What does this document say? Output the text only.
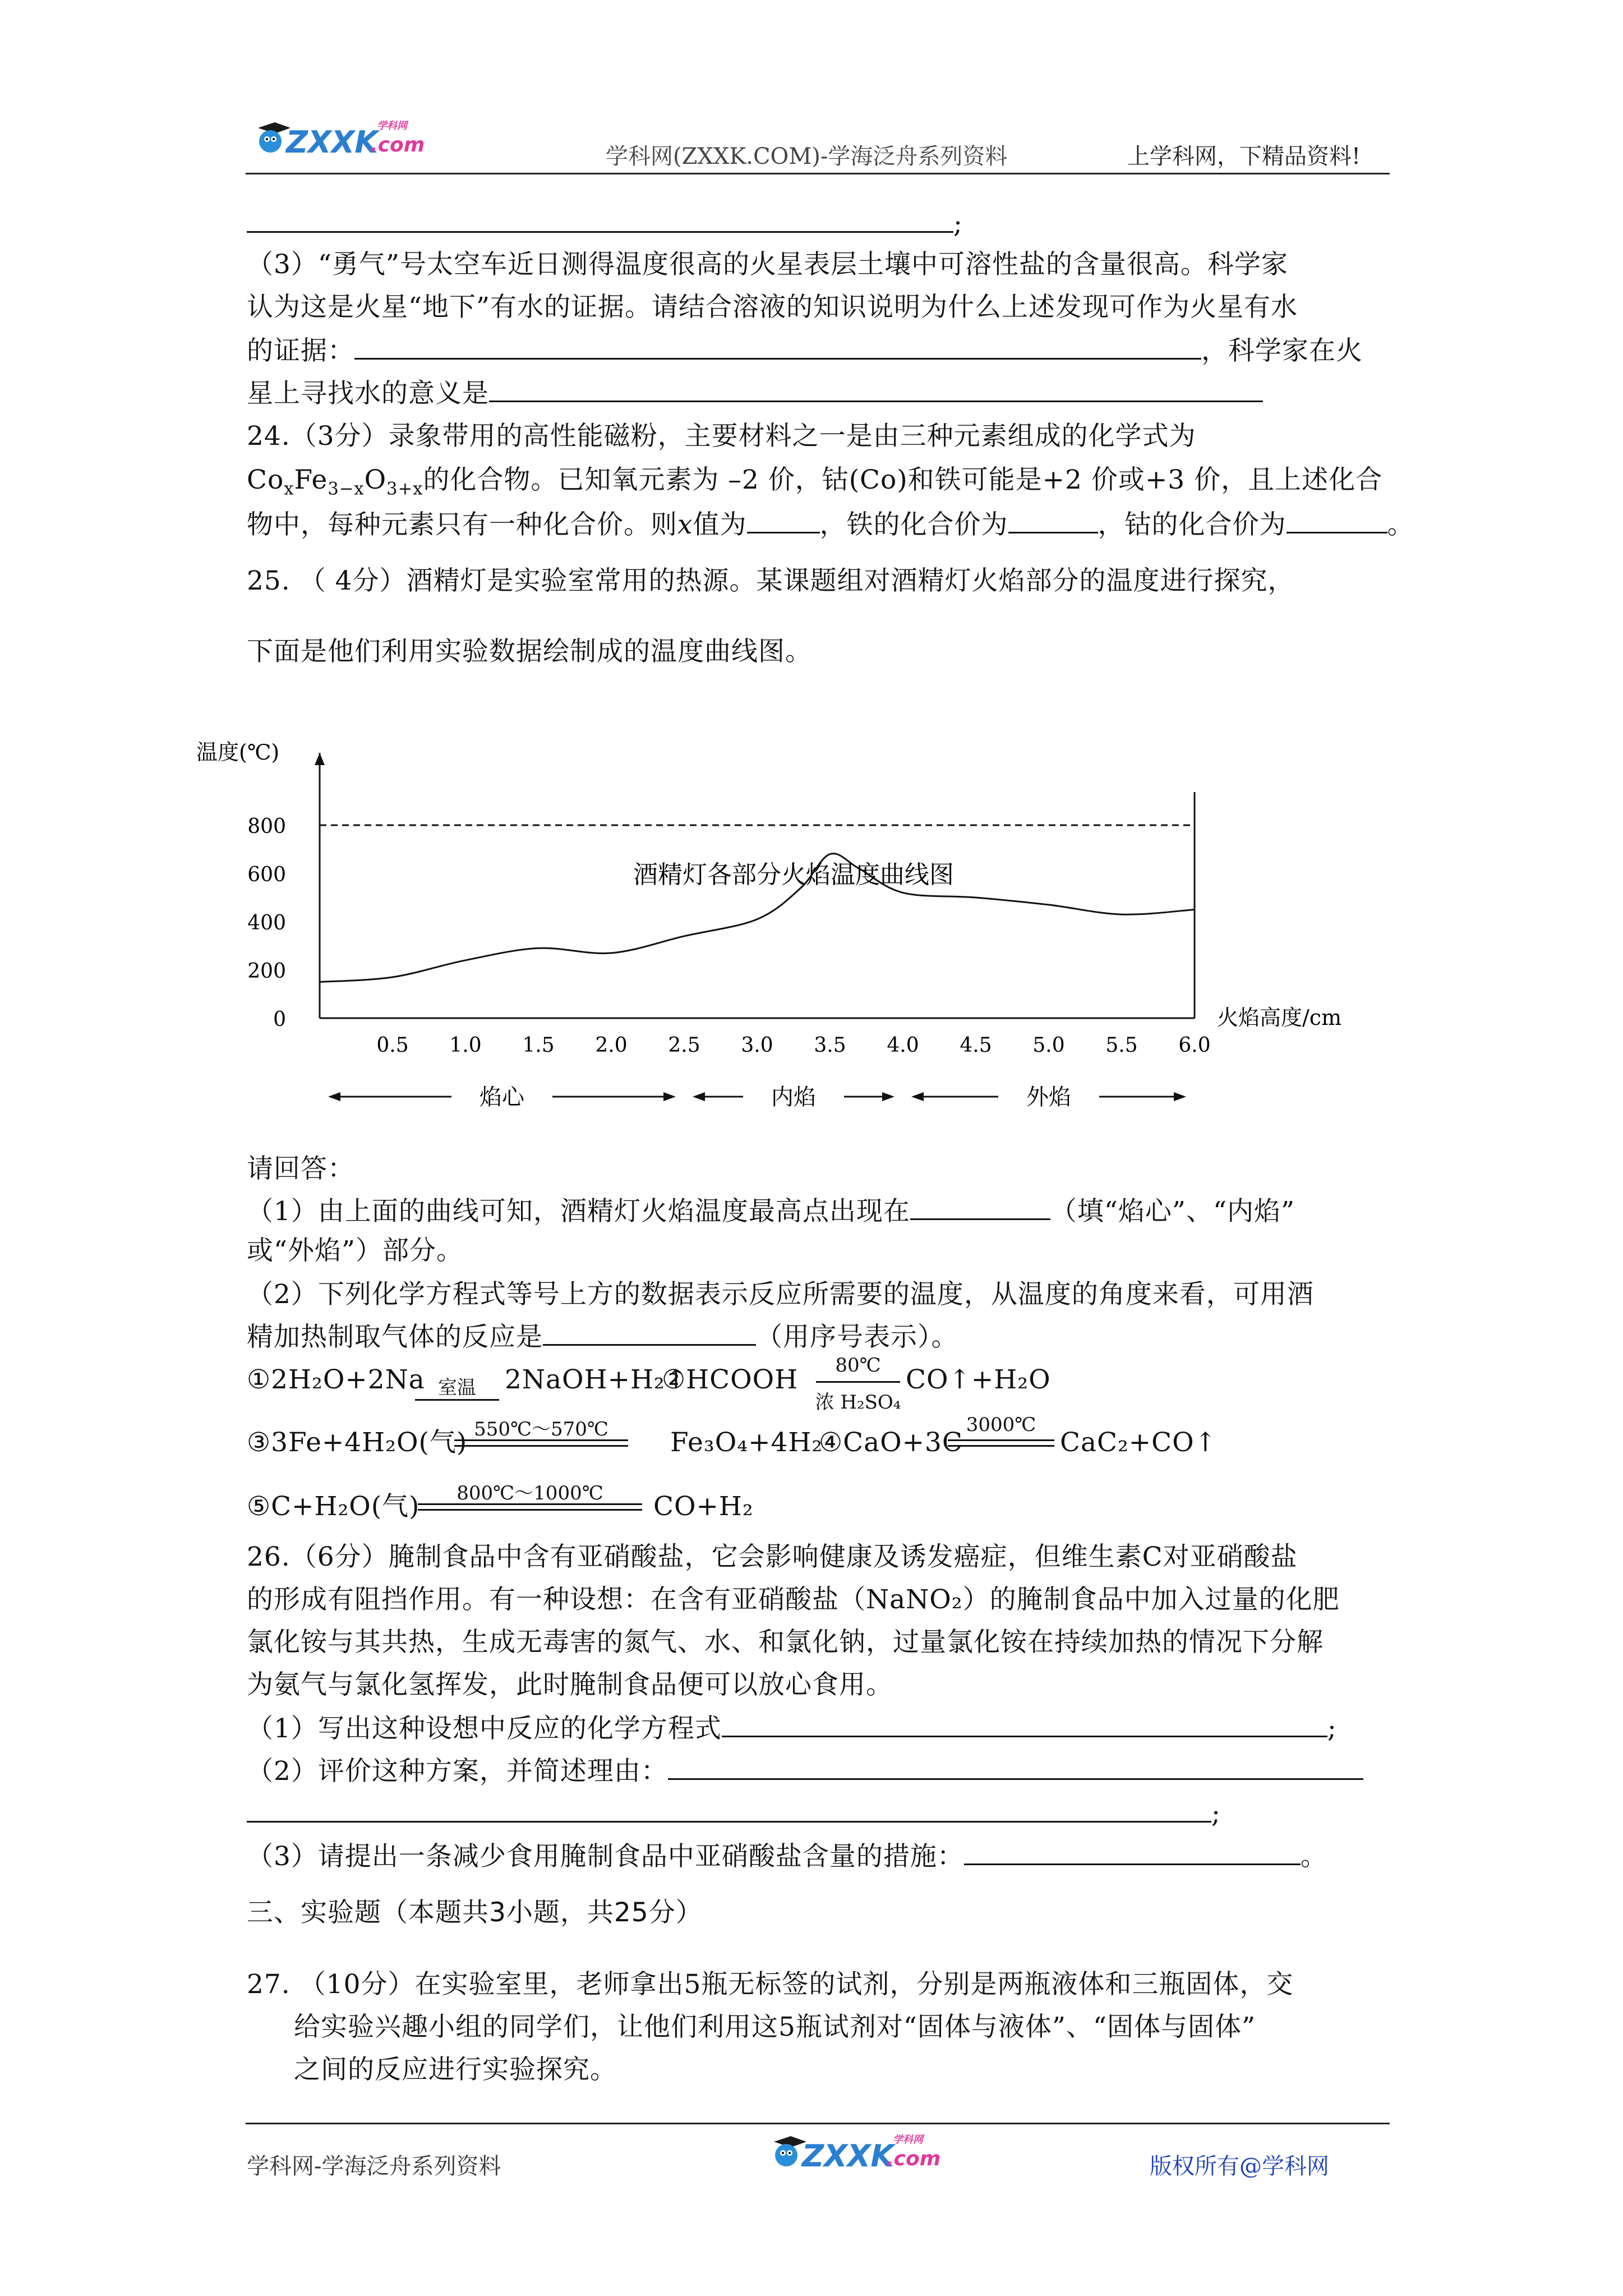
ZXXK
.com
学科网
学科网(ZXXK.COM)-学海泛舟系列资料	上学科网，下精品资料!
;
（3）“勇气”号太空车近日测得温度很高的火星表层土壤中可溶性盐的含量很高。科学家
认为这是火星“地下”有水的证据。请结合溶液的知识说明为什么上述发现可作为火星有水
的证据：	，科学家在火
星上寻找水的意义是
24.（3分）录象带用的高性能磁粉，主要材料之一是由三种元素组成的化学式为
$Co_xFe_{3-x}O_{3+x}$的化合物。已知氧元素为 –2 价，钴(Co)和铁可能是+2 价或+3 价，且上述化合
物中，每种元素只有一种化合价。则x值为	，铁的化合价为	，钴的化合价为	。
25. （ 4分）酒精灯是实验室常用的热源。某课题组对酒精灯火焰部分的温度进行探究，
下面是他们利用实验数据绘制成的温度曲线图。
0
200
400
600
800
温度(℃)
0.5 1.0 1.5 2.0 2.5 3.0 3.5 4.0 4.5 5.0 5.5 6.0
火焰高度/cm
酒精灯各部分火焰温度曲线图
焰心	内焰	外焰
请回答：
（1）由上面的曲线可知，酒精灯火焰温度最高点出现在	（填“焰心”、“内焰”
或“外焰”）部分。
（2）下列化学方程式等号上方的数据表示反应所需要的温度，从温度的角度来看，可用酒
精加热制取气体的反应是	（用序号表示）。
①2H₂O+2Na 室温	2NaOH+H₂↑
②HCOOH	80℃
浓 H₂SO₄
CO↑+H₂O
③3Fe+4H₂O(气) 550℃～570℃	Fe₃O₄+4H₂
④CaO+3C
3000℃
CaC₂+CO↑
⑤C+H₂O(气)	800℃～1000℃	CO+H₂
26.（6分）腌制食品中含有亚硝酸盐，它会影响健康及诱发癌症，但维生素C对亚硝酸盐
的形成有阻挡作用。有一种设想：在含有亚硝酸盐（NaNO₂）的腌制食品中加入过量的化肥
氯化铵与其共热，生成无毒害的氮气、水、和氯化钠，过量氯化铵在持续加热的情况下分解
为氨气与氯化氢挥发，此时腌制食品便可以放心食用。
（1）写出这种设想中反应的化学方程式	;
（2）评价这种方案，并简述理由：
;
（3）请提出一条减少食用腌制食品中亚硝酸盐含量的措施：	。
三、实验题（本题共3小题，共25分）
27. （10分）在实验室里，老师拿出5瓶无标签的试剂，分别是两瓶液体和三瓶固体，交
给实验兴趣小组的同学们，让他们利用这5瓶试剂对“固体与液体”、“固体与固体”
之间的反应进行实验探究。
学科网-学海泛舟系列资料	ZXXK
.com
学科网
版权所有@学科网
